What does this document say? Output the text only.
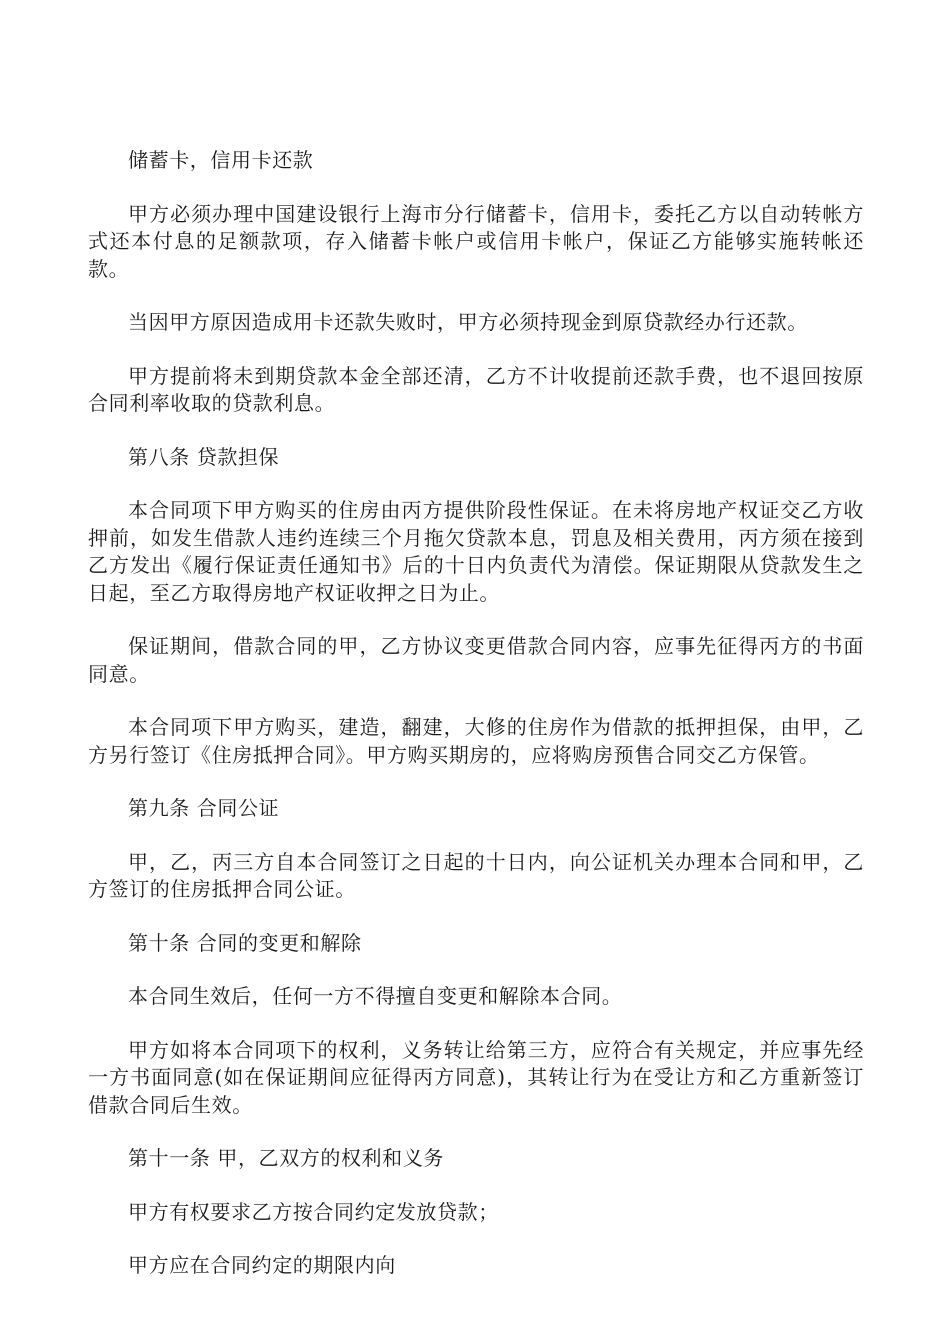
储蓄卡，信用卡还款

甲方必须办理中国建设银行上海市分行储蓄卡，信用卡，委托乙方以自动转帐方式还本付息的足额款项，存入储蓄卡帐户或信用卡帐户，保证乙方能够实施转帐还款。

当因甲方原因造成用卡还款失败时，甲方必须持现金到原贷款经办行还款。

甲方提前将未到期贷款本金全部还清，乙方不计收提前还款手费，也不退回按原合同利率收取的贷款利息。

第八条 贷款担保

本合同项下甲方购买的住房由丙方提供阶段性保证。在未将房地产权证交乙方收押前，如发生借款人违约连续三个月拖欠贷款本息，罚息及相关费用，丙方须在接到乙方发出《履行保证责任通知书》后的十日内负责代为清偿。保证期限从贷款发生之日起，至乙方取得房地产权证收押之日为止。

保证期间，借款合同的甲，乙方协议变更借款合同内容，应事先征得丙方的书面同意。

本合同项下甲方购买，建造，翻建，大修的住房作为借款的抵押担保，由甲，乙方另行签订《住房抵押合同》。甲方购买期房的，应将购房预售合同交乙方保管。

第九条 合同公证

甲，乙，丙三方自本合同签订之日起的十日内，向公证机关办理本合同和甲，乙方签订的住房抵押合同公证。

第十条 合同的变更和解除

本合同生效后，任何一方不得擅自变更和解除本合同。

甲方如将本合同项下的权利，义务转让给第三方，应符合有关规定，并应事先经一方书面同意(如在保证期间应征得丙方同意)，其转让行为在受让方和乙方重新签订借款合同后生效。

第十一条 甲，乙双方的权利和义务

甲方有权要求乙方按合同约定发放贷款；

甲方应在合同约定的期限内向
